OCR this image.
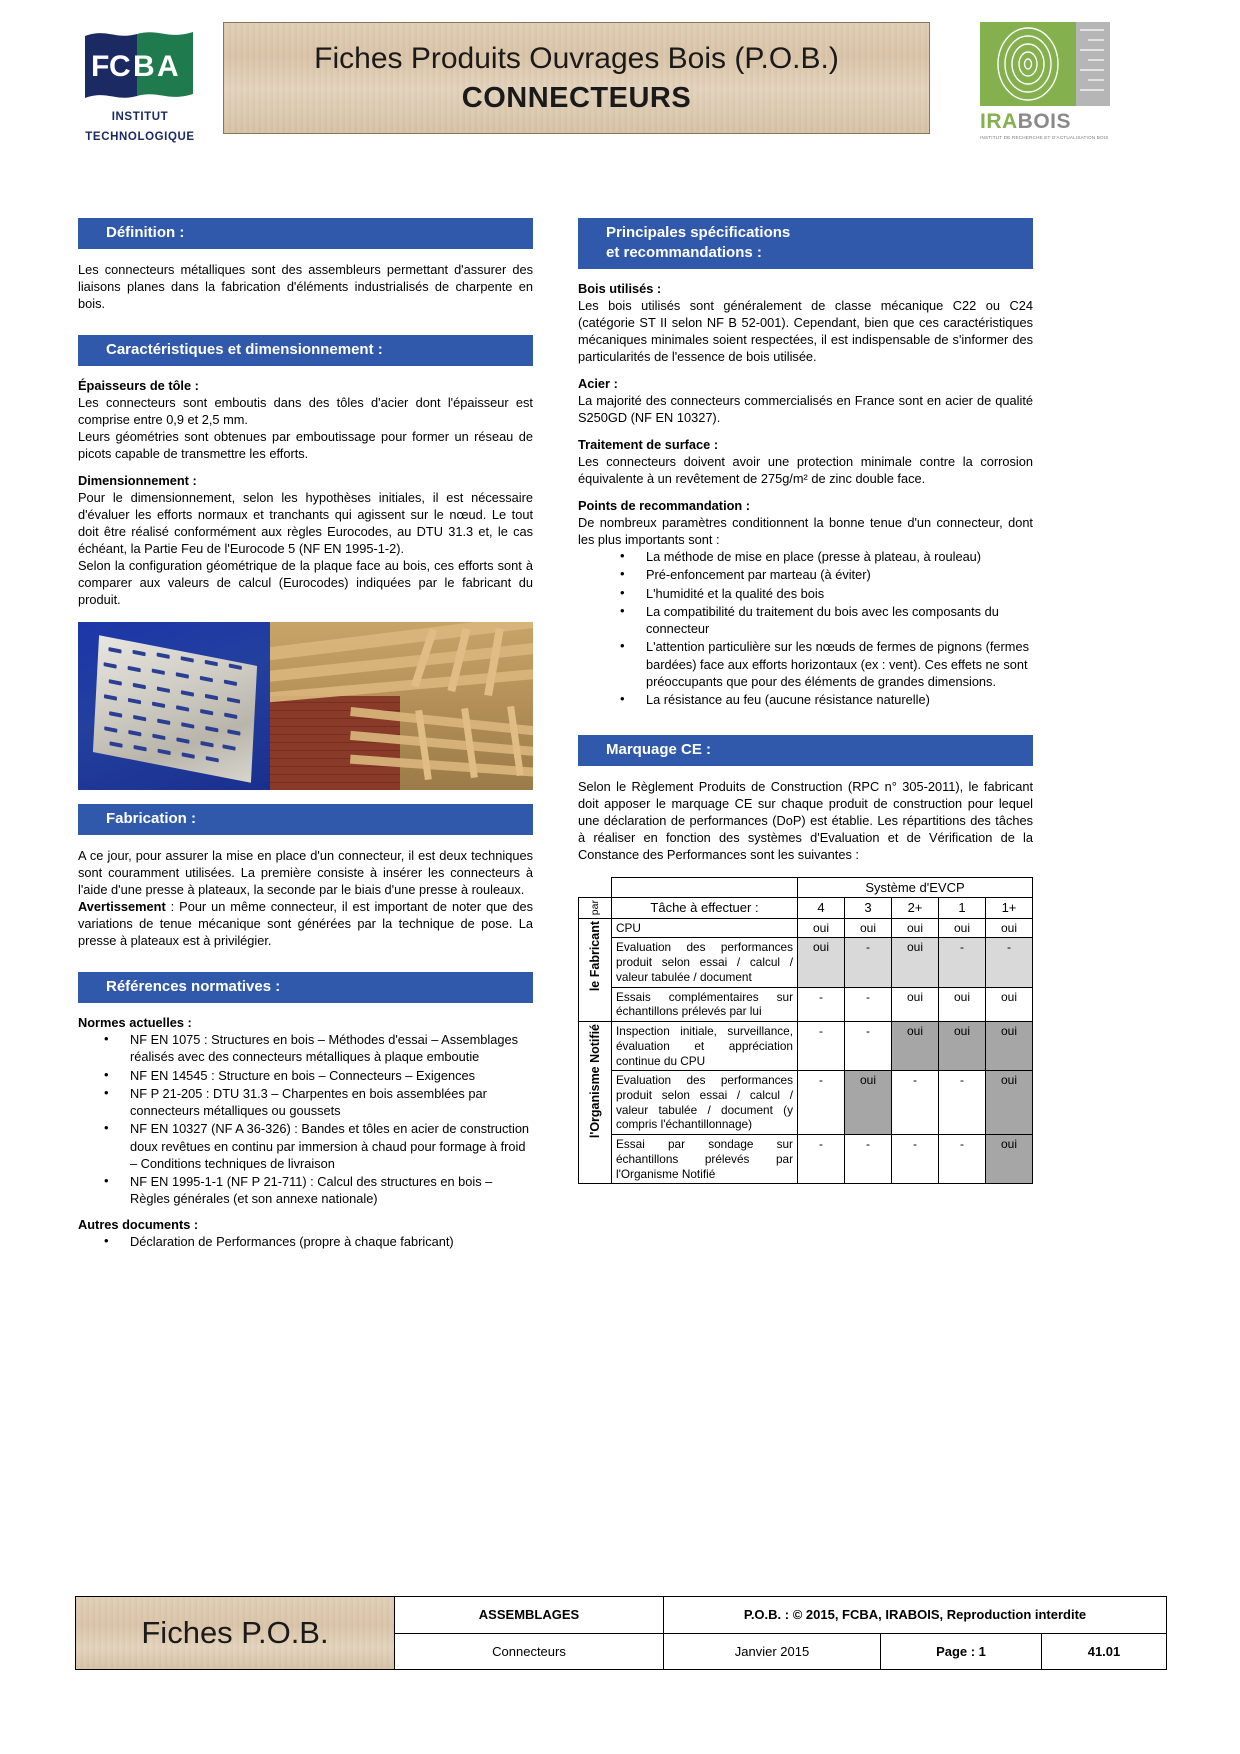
F C B A
INSTITUT
TECHNOLOGIQUE
Fiches Produits Ouvrages Bois (P.O.B.)
CONNECTEURS
IRABOIS
INSTITUT DE RECHERCHE ET D'ACTUALISATION BOIS
Définition :

Les connecteurs métalliques sont des assembleurs permettant d'assurer des liaisons planes dans la fabrication d'éléments industrialisés de charpente en bois.

Caractéristiques et dimensionnement :
Épaisseurs de tôle :

Les connecteurs sont emboutis dans des tôles d'acier dont l'épaisseur est comprise entre 0,9 et 2,5 mm.

Leurs géométries sont obtenues par emboutissage pour former un réseau de picots capable de transmettre les efforts.

Dimensionnement :

Pour le dimensionnement, selon les hypothèses initiales, il est nécessaire d'évaluer les efforts normaux et tranchants qui agissent sur le nœud. Le tout doit être réalisé conformément aux règles Eurocodes, au DTU 31.3 et, le cas échéant, la Partie Feu de l'Eurocode 5 (NF EN 1995-1-2).

Selon la configuration géométrique de la plaque face au bois, ces efforts sont à comparer aux valeurs de calcul (Eurocodes) indiquées par le fabricant du produit.

Fabrication :

A ce jour, pour assurer la mise en place d'un connecteur, il est deux techniques sont couramment utilisées. La première consiste à insérer les connecteurs à l'aide d'une presse à plateaux, la seconde par le biais d'une presse à rouleaux.

Avertissement : Pour un même connecteur, il est important de noter que des variations de tenue mécanique sont générées par la technique de pose. La presse à plateaux est à privilégier.

Références normatives :
Normes actuelles :
• NF EN 1075 : Structures en bois – Méthodes d'essai – Assemblages réalisés avec des connecteurs métalliques à plaque emboutie
• NF EN 14545 : Structure en bois – Connecteurs – Exigences
• NF P 21-205 : DTU 31.3 – Charpentes en bois assemblées par connecteurs métalliques ou goussets
• NF EN 10327 (NF A 36-326) : Bandes et tôles en acier de construction doux revêtues en continu par immersion à chaud pour formage à froid – Conditions techniques de livraison
• NF EN 1995-1-1 (NF P 21-711) : Calcul des structures en bois – Règles générales (et son annexe nationale)
Autres documents :
• Déclaration de Performances (propre à chaque fabricant)
Principales spécifications
et recommandations :
Bois utilisés :

Les bois utilisés sont généralement de classe mécanique C22 ou C24 (catégorie ST II selon NF B 52-001). Cependant, bien que ces caractéristiques mécaniques minimales soient respectées, il est indispensable de s'informer des particularités de l'essence de bois utilisée.

Acier :

La majorité des connecteurs commercialisés en France sont en acier de qualité S250GD (NF EN 10327).

Traitement de surface :

Les connecteurs doivent avoir une protection minimale contre la corrosion équivalente à un revêtement de 275g/m² de zinc double face.

Points de recommandation :

De nombreux paramètres conditionnent la bonne tenue d'un connecteur, dont les plus importants sont :

• La méthode de mise en place (presse à plateau, à rouleau)
• Pré-enfoncement par marteau (à éviter)
• L'humidité et la qualité des bois
• La compatibilité du traitement du bois avec les composants du connecteur
• L'attention particulière sur les nœuds de fermes de pignons (fermes bardées) face aux efforts horizontaux (ex : vent). Ces effets ne sont préoccupants que pour des éléments de grandes dimensions.
• La résistance au feu (aucune résistance naturelle)
Marquage CE :

Selon le Règlement Produits de Construction (RPC n° 305-2011), le fabricant doit apposer le marquage CE sur chaque produit de construction pour lequel une déclaration de performances (DoP) est établie. Les répartitions des tâches à réaliser en fonction des systèmes d'Evaluation et de Vérification de la Constance des Performances sont les suivantes :

		Système d'EVCP				

par	Tâche à effectuer :	4	3	2+	1	1+

le Fabricant	CPU	oui	oui	oui	oui	oui
	Evaluation des performances produit selon essai / calcul / valeur tabulée / document	oui	-	oui	-	-
	Essais complémentaires sur échantillons prélevés par lui	-	-	oui	oui	oui

l'Organisme Notifié	Inspection initiale, surveillance, évaluation et appréciation continue du CPU	-	-	oui	oui	oui
	Evaluation des performances produit selon essai / calcul / valeur tabulée / document (y compris l'échantillonnage)	-	oui	-	-	oui
	Essai par sondage sur échantillons prélevés par l'Organisme Notifié	-	-	-	-	oui
Fiches P.O.B.
ASSEMBLAGES	P.O.B. : © 2015, FCBA, IRABOIS, Reproduction interdite
Connecteurs	Janvier 2015	Page : 1	41.01
